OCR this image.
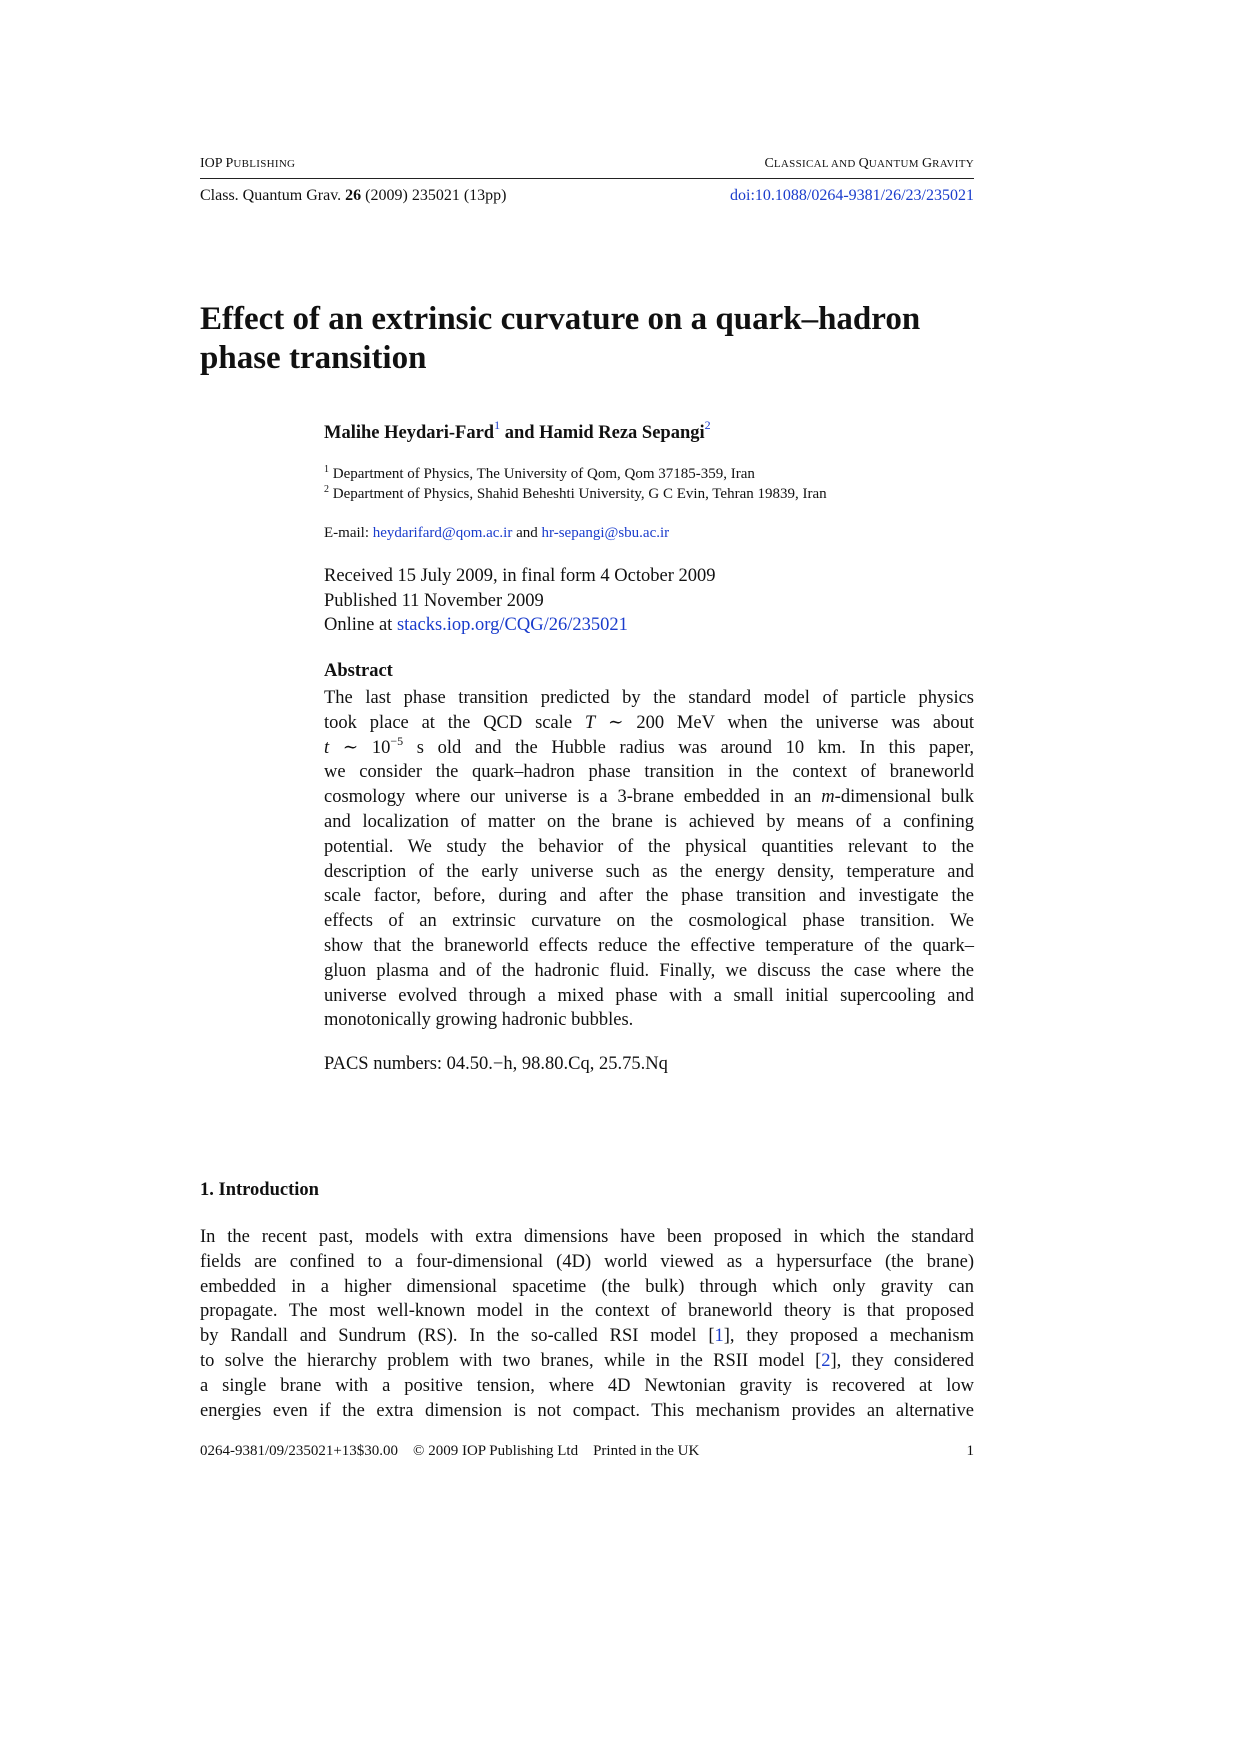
IOP PUBLISHING	CLASSICAL AND QUANTUM GRAVITY
Class. Quantum Grav. 26 (2009) 235021 (13pp)	doi:10.1088/0264-9381/26/23/235021
Effect of an extrinsic curvature on a quark–hadron
phase transition
Malihe Heydari-Fard$^1$ and Hamid Reza Sepangi$^2$
$^1$ Department of Physics, The University of Qom, Qom 37185-359, Iran
$^2$ Department of Physics, Shahid Beheshti University, G C Evin, Tehran 19839, Iran
E-mail: heydarifard@qom.ac.ir and hr-sepangi@sbu.ac.ir
Received 15 July 2009, in final form 4 October 2009
Published 11 November 2009
Online at stacks.iop.org/CQG/26/235021
Abstract
The last phase transition predicted by the standard model of particle physics
took place at the QCD scale T ∼ 200 MeV when the universe was about
t ∼ $10^{-5}$ s old and the Hubble radius was around 10 km. In this paper,
we consider the quark–hadron phase transition in the context of braneworld
cosmology where our universe is a 3-brane embedded in an m-dimensional bulk
and localization of matter on the brane is achieved by means of a confining
potential. We study the behavior of the physical quantities relevant to the
description of the early universe such as the energy density, temperature and
scale factor, before, during and after the phase transition and investigate the
effects of an extrinsic curvature on the cosmological phase transition. We
show that the braneworld effects reduce the effective temperature of the quark–
gluon plasma and of the hadronic fluid. Finally, we discuss the case where the
universe evolved through a mixed phase with a small initial supercooling and
monotonically growing hadronic bubbles.
PACS numbers: 04.50.−h, 98.80.Cq, 25.75.Nq
1. Introduction
In the recent past, models with extra dimensions have been proposed in which the standard
fields are confined to a four-dimensional (4D) world viewed as a hypersurface (the brane)
embedded in a higher dimensional spacetime (the bulk) through which only gravity can
propagate. The most well-known model in the context of braneworld theory is that proposed
by Randall and Sundrum (RS). In the so-called RSI model [1], they proposed a mechanism
to solve the hierarchy problem with two branes, while in the RSII model [2], they considered
a single brane with a positive tension, where 4D Newtonian gravity is recovered at low
energies even if the extra dimension is not compact. This mechanism provides an alternative
0264-9381/09/235021+13$30.00 © 2009 IOP Publishing Ltd Printed in the UK	1
